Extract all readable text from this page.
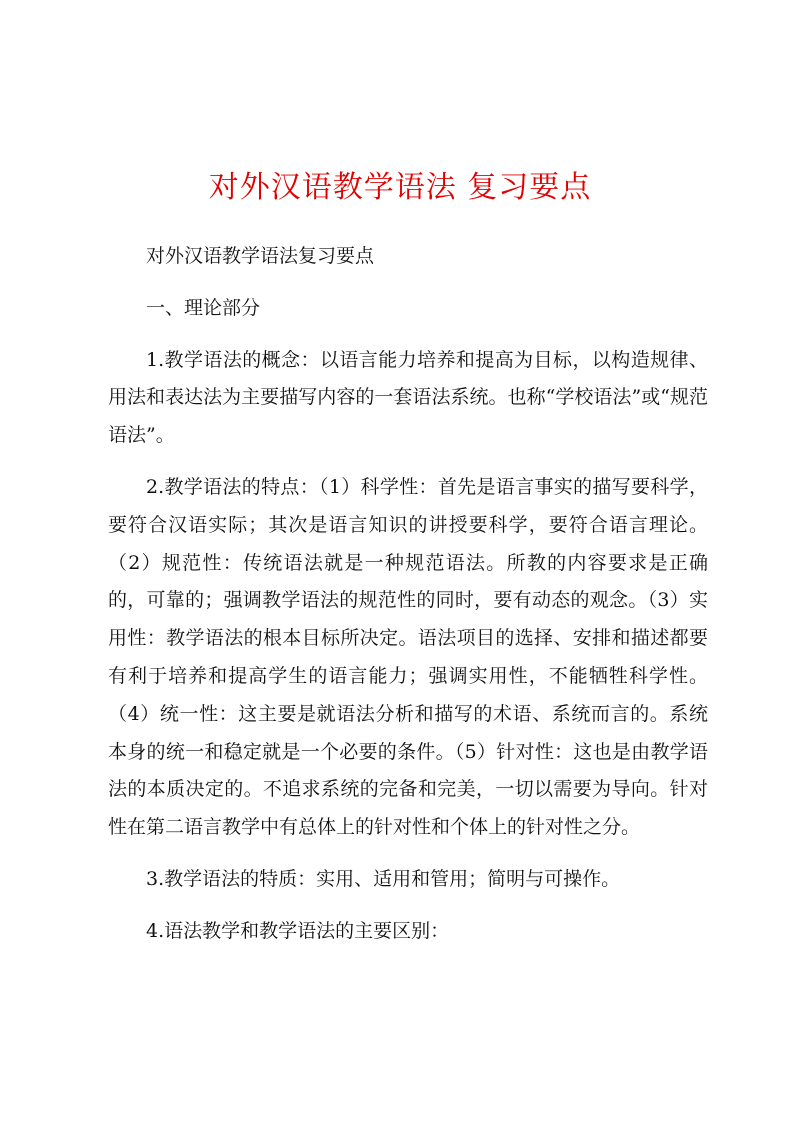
对外汉语教学语法 复习要点

对外汉语教学语法复习要点

一、理论部分

1.教学语法的概念：以语言能力培养和提高为目标，以构造规律、用法和表达法为主要描写内容的一套语法系统。也称“学校语法”或“规范语法”。

2.教学语法的特点：（1）科学性：首先是语言事实的描写要科学，要符合汉语实际；其次是语言知识的讲授要科学，要符合语言理论。（2）规范性：传统语法就是一种规范语法。所教的内容要求是正确的，可靠的；强调教学语法的规范性的同时，要有动态的观念。（3）实用性：教学语法的根本目标所决定。语法项目的选择、安排和描述都要有利于培养和提高学生的语言能力；强调实用性，不能牺牲科学性。（4）统一性：这主要是就语法分析和描写的术语、系统而言的。系统本身的统一和稳定就是一个必要的条件。（5）针对性：这也是由教学语法的本质决定的。不追求系统的完备和完美，一切以需要为导向。针对性在第二语言教学中有总体上的针对性和个体上的针对性之分。

3.教学语法的特质：实用、适用和管用；简明与可操作。

4.语法教学和教学语法的主要区别：
